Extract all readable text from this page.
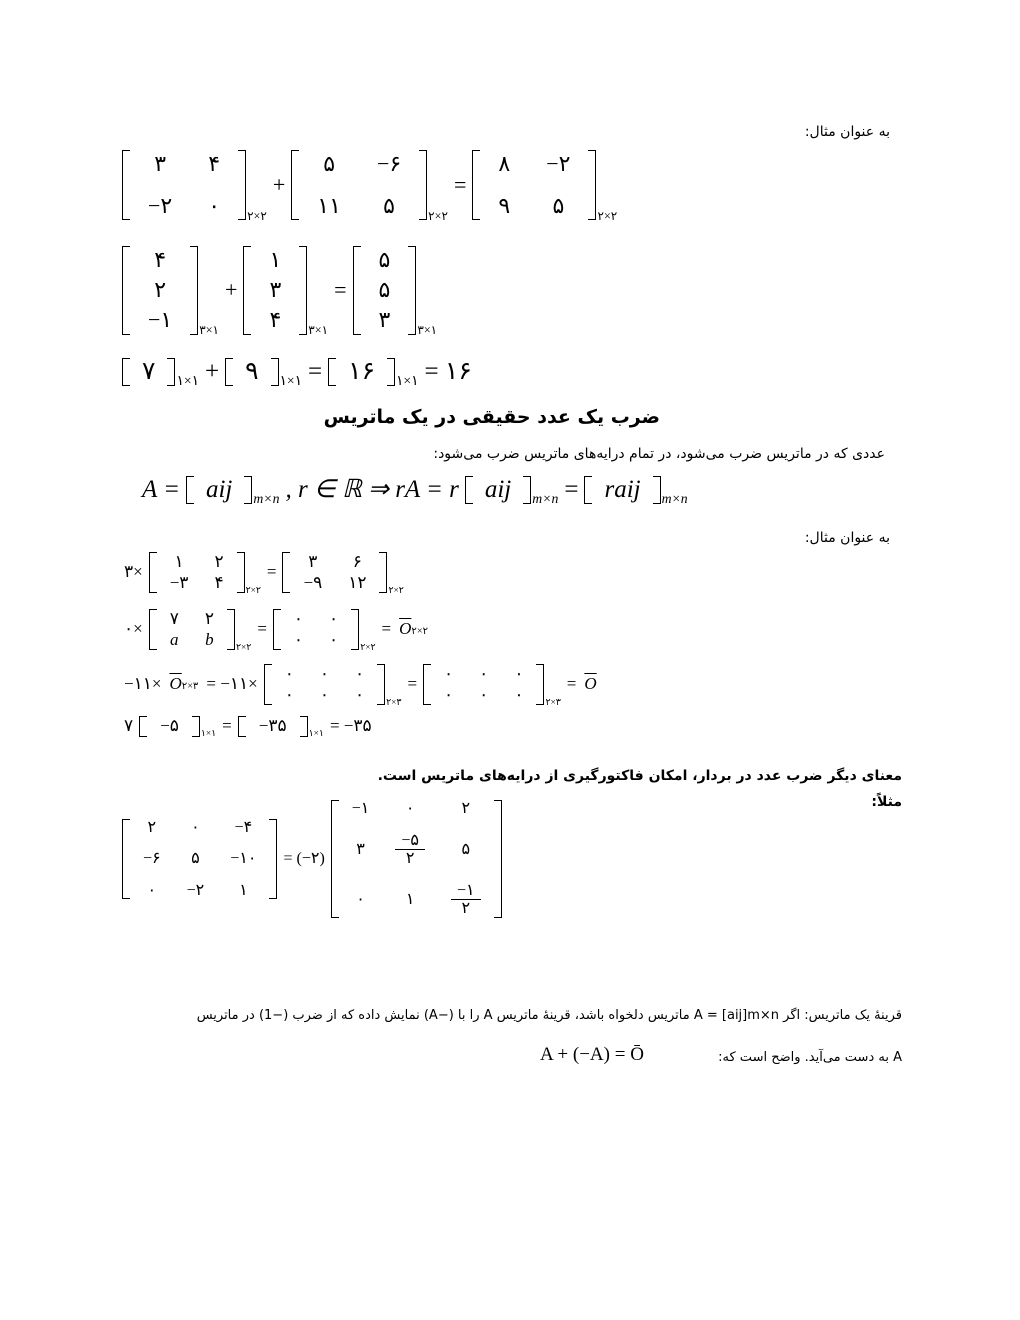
به عنوان مثال:
۳	۴
−۲	۰	۲×۲
+
۵	−۶
۱۱	۵	۲×۲
=
۸	−۲
۹	۵	۲×۲
۴
۲
−۱	۳×۱
+
۱
۳
۴	۳×۱
=
۵
۵
۳	۳×۱
۷	۱×۱ +	۹	۱×۱ =	۱۶	۱×۱ = ۱۶
ضرب یک عدد حقیقی در یک ماتریس
عددی که در ماتریس ضرب می‌شود، در تمام درایه‌های ماتریس ضرب می‌شود:
A =	aij	m×n , r ∈ ℝ ⇒ rA = r	aij	m×n =	raij	m×n
به عنوان مثال:
۳×
۱	۲
−۳	۴	۲×۲
=
۳	۶
−۹	۱۲	۲×۲
۰×
۷	۲
a	b	۲×۲
=
۰	۰
۰	۰	۲×۲
= $\overline{O}۲\times ۲$
−۱۱× $\overline{O}۲\times ۳$ = −۱۱×
۰	۰	۰
۰	۰	۰	۲×۳
=
۰	۰	۰
۰	۰	۰	۲×۳
= $\overline{O}$
۷	−۵	۱×۱ =	−۳۵	۱×۱ = −۳۵
معنای دیگر ضرب عدد در بردار، امکان فاکتورگیری از درایه‌های ماتریس است.
مثلاً:
۲	۰	−۴
−۶	۵	−۱۰
۰	−۲	۱
= (−۲)
−۱	۰	۲
۳	$\frac{-۵}{۲}$	۵
۰	۱	$\frac{-۱}{۲}$
قرینهٔ یک ماتریس: اگر A = [aij]m×n ماتریس دلخواه باشد، قرینهٔ ماتریس A را با (−A) نمایش داده که از ضرب (−1) در ماتریس
A به دست می‌آید. واضح است که:
A + (−A) = Ō
